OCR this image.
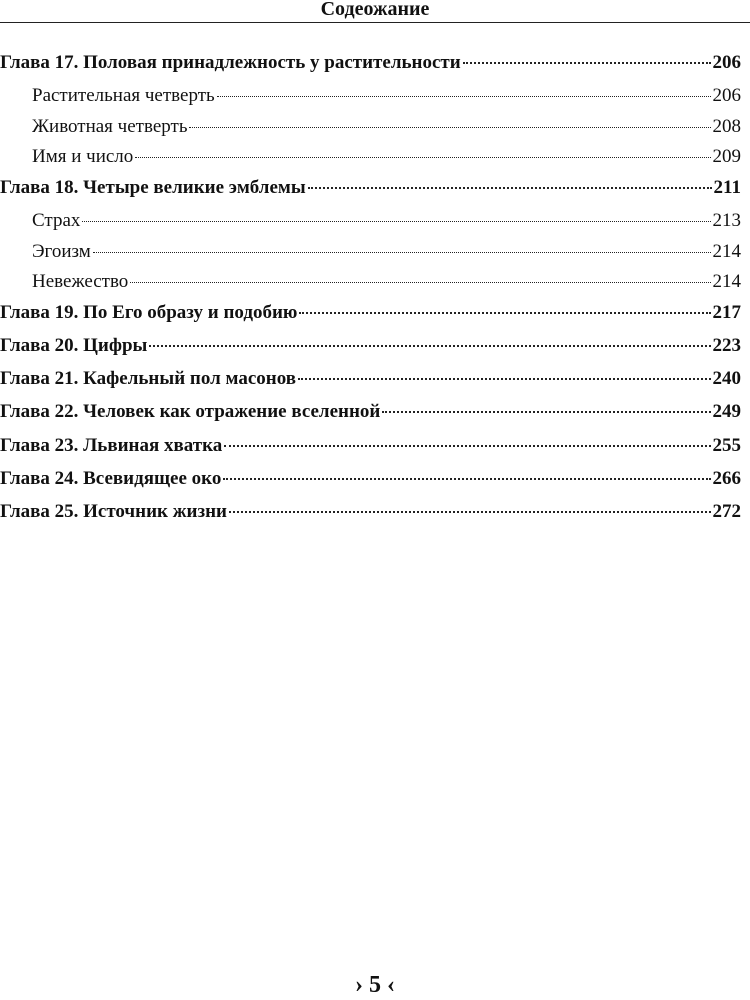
Содеожание
Глава 17. Половая принадлежность у растительности	206
Растительная четверть	206
Животная четверть	208
Имя и число	209
Глава 18. Четыре великие эмблемы	211
Страх	213
Эгоизм	214
Невежество	214
Глава 19. По Его образу и подобию	217
Глава 20. Цифры	223
Глава 21. Кафельный пол масонов	240
Глава 22. Человек как отражение вселенной	249
Глава 23. Львиная хватка	255
Глава 24. Всевидящее око	266
Глава 25. Источник жизни	272
› 5 ‹
